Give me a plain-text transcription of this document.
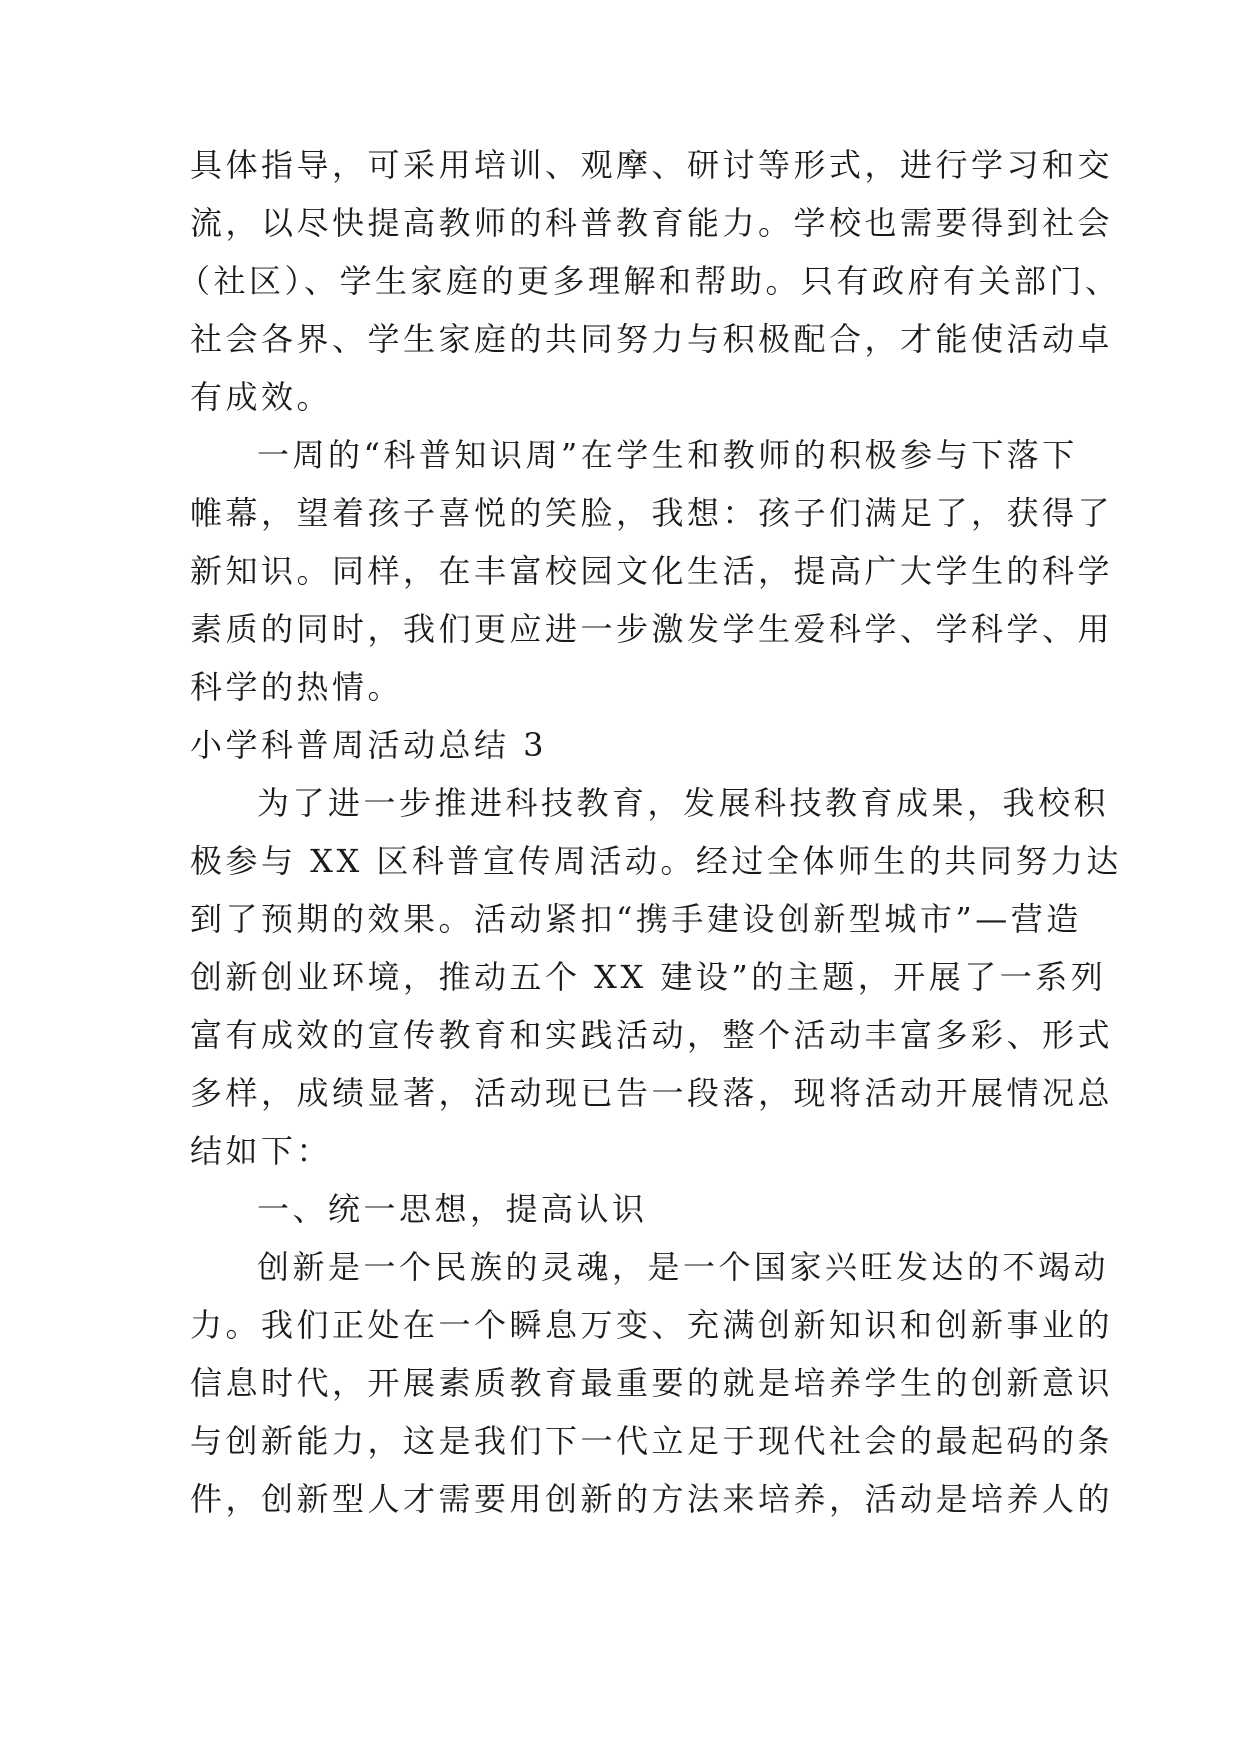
具体指导，可采用培训、观摩、研讨等形式，进行学习和交
流，以尽快提高教师的科普教育能力。学校也需要得到社会
（社区）、学生家庭的更多理解和帮助。只有政府有关部门、
社会各界、学生家庭的共同努力与积极配合，才能使活动卓
有成效。
一周的“科普知识周”在学生和教师的积极参与下落下
帷幕，望着孩子喜悦的笑脸，我想：孩子们满足了，获得了
新知识。同样，在丰富校园文化生活，提高广大学生的科学
素质的同时，我们更应进一步激发学生爱科学、学科学、用
科学的热情。
小学科普周活动总结 3
为了进一步推进科技教育，发展科技教育成果，我校积
极参与 XX 区科普宣传周活动。经过全体师生的共同努力达
到了预期的效果。活动紧扣“携手建设创新型城市”—营造
创新创业环境，推动五个 XX 建设”的主题，开展了一系列
富有成效的宣传教育和实践活动，整个活动丰富多彩、形式
多样，成绩显著，活动现已告一段落，现将活动开展情况总
结如下：
一、统一思想，提高认识
创新是一个民族的灵魂，是一个国家兴旺发达的不竭动
力。我们正处在一个瞬息万变、充满创新知识和创新事业的
信息时代，开展素质教育最重要的就是培养学生的创新意识
与创新能力，这是我们下一代立足于现代社会的最起码的条
件，创新型人才需要用创新的方法来培养，活动是培养人的
